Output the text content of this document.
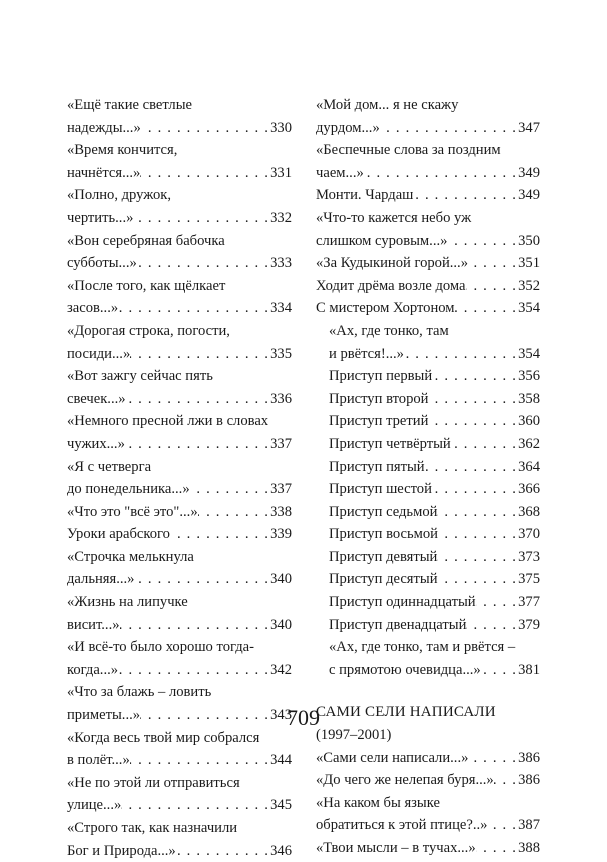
«Ещё такие светлые
надежды...» . . .	330
«Время кончится,
начнётся...» . . .	331
«Полно, дружок,
чертить...» . . .	332
«Вон серебряная бабочка
субботы...» . . .	333
«После того, как щёлкает
засов...» . . .	334
«Дорогая строка, погости,
посиди...» . . .	335
«Вот зажгу сейчас пять
свечек...» . . .	336
«Немного пресной лжи в словах
чужих...» . . .	337
«Я с четверга
до понедельника...» . . .	337
«Что это "всё это"...» . . .	338
Уроки арабского . . .	339
«Строчка мелькнула
дальняя...» . . .	340
«Жизнь на липучке
висит...» . . .	340
«И всё-то было хорошо тогда-
когда...» . . .	342
«Что за блажь – ловить
приметы...» . . .	343
«Когда весь твой мир собрался
в полёт...» . . .	344
«Не по этой ли отправиться
улице...» . . .	345
«Строго так, как назначили
Бог и Природа...» . . .	346
«Мой дом... я не скажу
дурдом...» . . .	347
«Беспечные слова за поздним
чаем...» . . .	349
Монти. Чардаш . . .	349
«Что-то кажется небо уж
слишком суровым...» . . .	350
«За Кудыкиной горой...» . . .	351
Ходит дрёма возле дома . . .	352
С мистером Хортоном . . .	354
«Ах, где тонко, там
и рвётся!...» . . .	354
Приступ первый . . .	356
Приступ второй . . .	358
Приступ третий . . .	360
Приступ четвёртый . . .	362
Приступ пятый . . .	364
Приступ шестой . . .	366
Приступ седьмой . . .	368
Приступ восьмой . . .	370
Приступ девятый . . .	373
Приступ десятый . . .	375
Приступ одиннадцатый . . .	377
Приступ двенадцатый . . .	379
«Ах, где тонко, там и рвётся –
с прямотою очевидца...» . . .	381
САМИ СЕЛИ НАПИСАЛИ
(1997–2001)
«Сами сели написали...» . . .	386
«До чего же нелепая буря...» . . . 386
«На каком бы языке
обратиться к этой птице?..» . . . 387
«Твои мысли – в тучах...» . . .	388
709
